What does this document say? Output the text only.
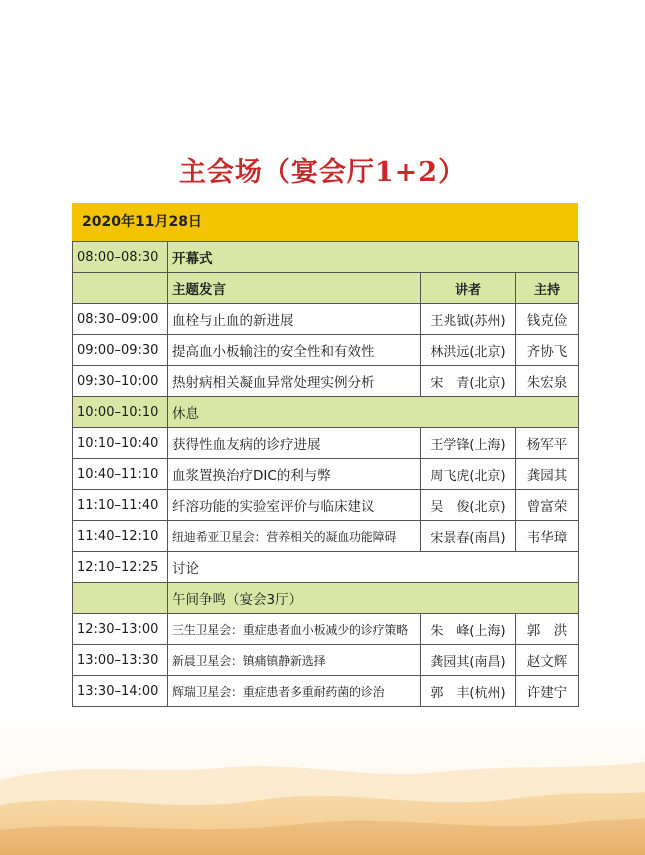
主会场（宴会厅1+2）
2020年11月28日
08:00–08:30	开幕式		
	主题发言	讲者	主持
08:30–09:00	血栓与止血的新进展	王兆钺(苏州)	钱克俭
09:00–09:30	提高血小板输注的安全性和有效性	林洪远(北京)	齐协飞
09:30–10:00	热射病相关凝血异常处理实例分析	宋　青(北京)	朱宏泉
10:00–10:10	休息		
10:10–10:40	获得性血友病的诊疗进展	王学锋(上海)	杨军平
10:40–11:10	血浆置换治疗DIC的利与弊	周飞虎(北京)	龚园其
11:10–11:40	纤溶功能的实验室评价与临床建议	吴　俊(北京)	曾富荣
11:40–12:10	纽迪希亚卫星会：营养相关的凝血功能障碍	宋景春(南昌)	韦华璋
12:10–12:25	讨论		
	午间争鸣（宴会3厅）		
12:30–13:00	三生卫星会：重症患者血小板减少的诊疗策略	朱　峰(上海)	郭　洪
13:00–13:30	新晨卫星会：镇痛镇静新选择	龚园其(南昌)	赵文辉
13:30–14:00	辉瑞卫星会：重症患者多重耐药菌的诊治	郭　丰(杭州)	许建宁
